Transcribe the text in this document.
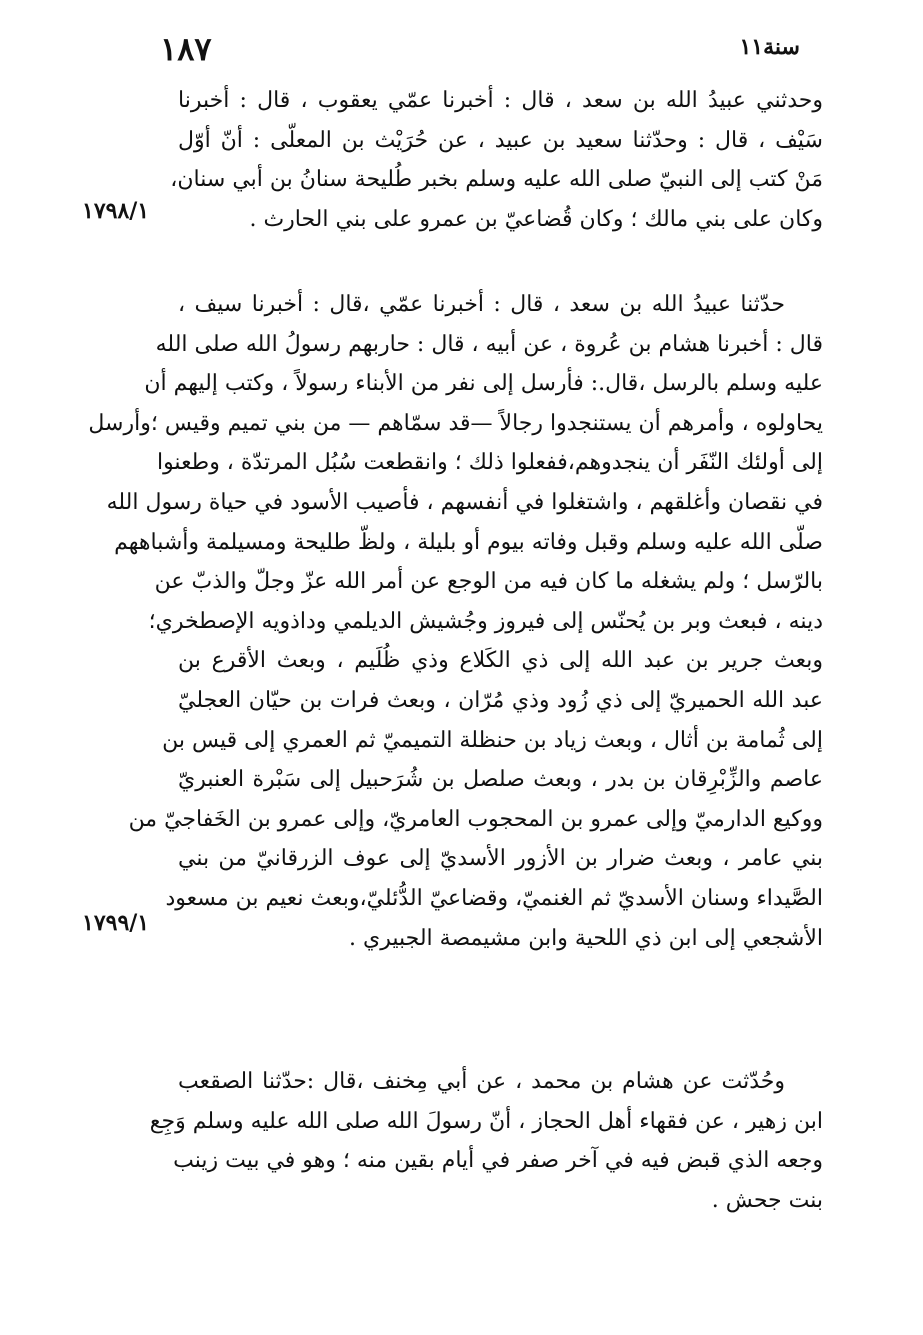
١٨٧	سنة١١
وحدثني عبيدُ الله بن سعد ، قال : أخبرنا عمّي يعقوب ، قال : أخبرنا
سَيْف ، قال : وحدّثنا سعيد بن عبيد ، عن حُرَيْث بن المعلّى : أنّ أوّل
مَنْ كتب إلى النبيّ صلى الله عليه وسلم بخبر طُليحة سنانُ بن أبي سنان،
وكان على بني مالك ؛ وكان قُضاعيّ بن عمرو على بني الحارث .
حدّثنا عبيدُ الله بن سعد ، قال : أخبرنا عمّي ،قال : أخبرنا سيف ،
قال : أخبرنا هشام بن عُروة ، عن أبيه ، قال : حاربهم رسولُ الله صلى الله
عليه وسلم بالرسل ،قال.: فأرسل إلى نفر من الأبناء رسولاً ، وكتب إليهم أن
يحاولوه ، وأمرهم أن يستنجدوا رجالاً —قد سمّاهم — من بني تميم وقيس ؛وأرسل
إلى أولئك النّفَر أن ينجدوهم،ففعلوا ذلك ؛ وانقطعت سُبُل المرتدّة ، وطعنوا
في نقصان وأغلقهم ، واشتغلوا في أنفسهم ، فأصيب الأسود في حياة رسول الله
صلّى الله عليه وسلم وقبل وفاته بيوم أو بليلة ، ولظّ طليحة ومسيلمة وأشباههم
بالرّسل ؛ ولم يشغله ما كان فيه من الوجع عن أمر الله عزّ وجلّ والذبّ عن
دينه ، فبعث وبر بن يُحنّس إلى فيروز وجُشيش الديلمي وداذويه الإصطخري؛
وبعث جرير بن عبد الله إلى ذي الكَلاع وذي ظُلَيم ، وبعث الأقرع بن
عبد الله الحميريّ إلى ذي زُود وذي مُرّان ، وبعث فرات بن حيّان العجليّ
إلى ثُمامة بن أثال ، وبعث زياد بن حنظلة التميميّ ثم العمري إلى قيس بن
عاصم والزِّبْرِقان بن بدر ، وبعث صلصل بن شُرَحبيل إلى سَبْرة العنبريّ
ووكيع الدارميّ وإلى عمرو بن المحجوب العامريّ، وإلى عمرو بن الخَفاجيّ من
بني عامر ، وبعث ضرار بن الأزور الأسديّ إلى عوف الزرقانيّ من بني
الصَّيداء وسنان الأسديّ ثم الغنميّ، وقضاعيّ الدُّئليّ،وبعث نعيم بن مسعود
الأشجعي إلى ابن ذي اللحية وابن مشيمصة الجبيري .
وحُدّثت عن هشام بن محمد ، عن أبي مِخنف ،قال :حدّثنا الصقعب
ابن زهير ، عن فقهاء أهل الحجاز ، أنّ رسولَ الله صلى الله عليه وسلم وَجِع
وجعه الذي قبض فيه في آخر صفر في أيام بقين منه ؛ وهو في بيت زينب
بنت جحش .
١٧٩٨/١
١٧٩٩/١
